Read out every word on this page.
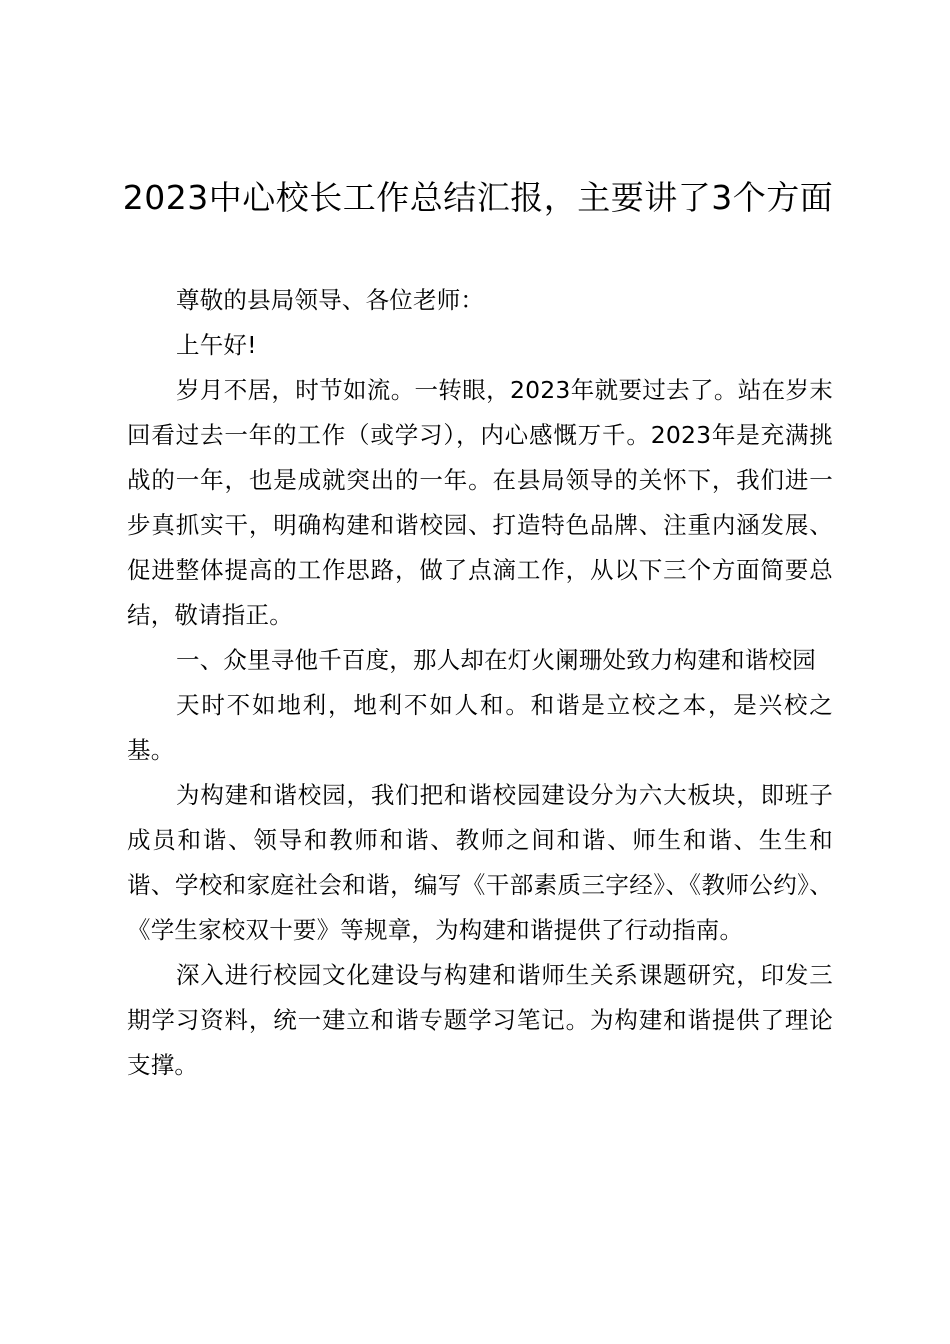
2023中心校长工作总结汇报，主要讲了3个方面

尊敬的县局领导、各位老师：

上午好!

岁月不居，时节如流。一转眼，2023年就要过去了。站在岁末回看过去一年的工作（或学习），内心感慨万千。2023年是充满挑战的一年，也是成就突出的一年。在县局领导的关怀下，我们进一步真抓实干，明确构建和谐校园、打造特色品牌、注重内涵发展、促进整体提高的工作思路，做了点滴工作，从以下三个方面简要总结，敬请指正。

一、众里寻他千百度，那人却在灯火阑珊处致力构建和谐校园

天时不如地利，地利不如人和。和谐是立校之本，是兴校之基。

为构建和谐校园，我们把和谐校园建设分为六大板块，即班子成员和谐、领导和教师和谐、教师之间和谐、师生和谐、生生和谐、学校和家庭社会和谐，编写《干部素质三字经》、《教师公约》、《学生家校双十要》等规章，为构建和谐提供了行动指南。

深入进行校园文化建设与构建和谐师生关系课题研究，印发三期学习资料，统一建立和谐专题学习笔记。为构建和谐提供了理论支撑。
